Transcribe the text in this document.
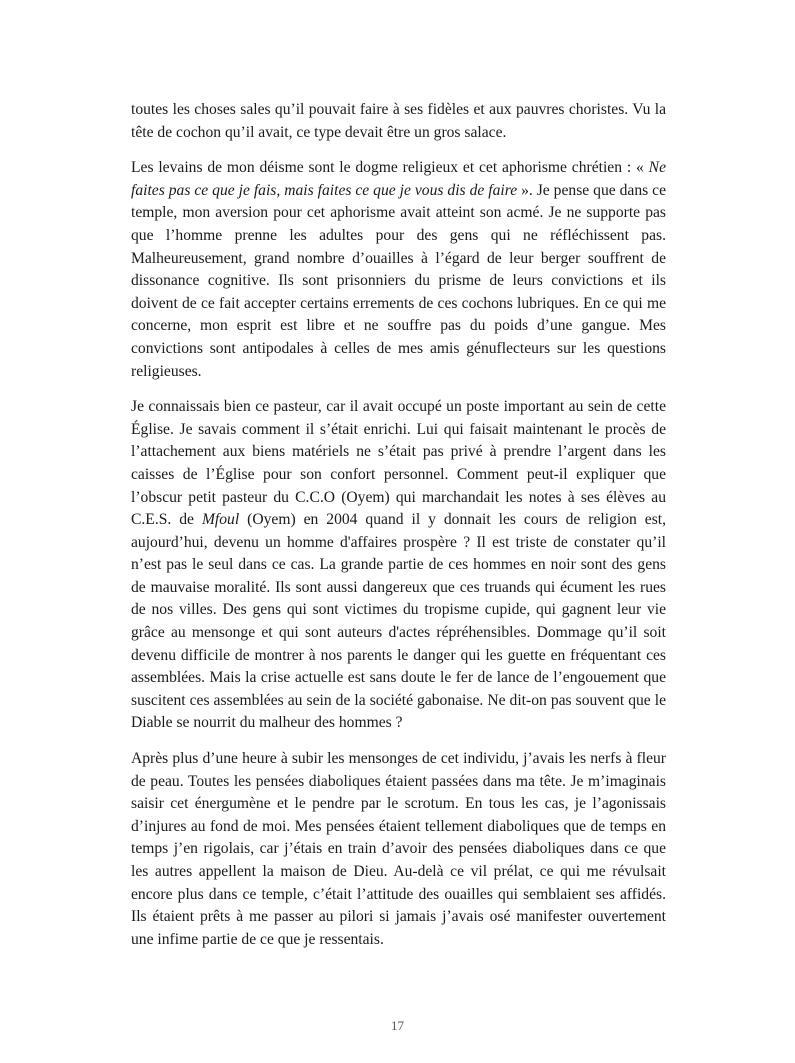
toutes les choses sales qu’il pouvait faire à ses fidèles et aux pauvres choristes. Vu la tête de cochon qu’il avait, ce type devait être un gros salace.

Les levains de mon déisme sont le dogme religieux et cet aphorisme chrétien : « Ne faites pas ce que je fais, mais faites ce que je vous dis de faire ». Je pense que dans ce temple, mon aversion pour cet aphorisme avait atteint son acmé. Je ne supporte pas que l’homme prenne les adultes pour des gens qui ne réfléchissent pas. Malheureusement, grand nombre d’ouailles à l’égard de leur berger souffrent de dissonance cognitive. Ils sont prisonniers du prisme de leurs convictions et ils doivent de ce fait accepter certains errements de ces cochons lubriques. En ce qui me concerne, mon esprit est libre et ne souffre pas du poids d’une gangue. Mes convictions sont antipodales à celles de mes amis génuflecteurs sur les questions religieuses.

Je connaissais bien ce pasteur, car il avait occupé un poste important au sein de cette Église. Je savais comment il s’était enrichi. Lui qui faisait maintenant le procès de l’attachement aux biens matériels ne s’était pas privé à prendre l’argent dans les caisses de l’Église pour son confort personnel. Comment peut-il expliquer que l’obscur petit pasteur du C.C.O (Oyem) qui marchandait les notes à ses élèves au C.E.S. de Mfoul (Oyem) en 2004 quand il y donnait les cours de religion est, aujourd’hui, devenu un homme d'affaires prospère ? Il est triste de constater qu’il n’est pas le seul dans ce cas. La grande partie de ces hommes en noir sont des gens de mauvaise moralité. Ils sont aussi dangereux que ces truands qui écument les rues de nos villes. Des gens qui sont victimes du tropisme cupide, qui gagnent leur vie grâce au mensonge et qui sont auteurs d'actes répréhensibles. Dommage qu’il soit devenu difficile de montrer à nos parents le danger qui les guette en fréquentant ces assemblées. Mais la crise actuelle est sans doute le fer de lance de l’engouement que suscitent ces assemblées au sein de la société gabonaise. Ne dit-on pas souvent que le Diable se nourrit du malheur des hommes ?

Après plus d’une heure à subir les mensonges de cet individu, j’avais les nerfs à fleur de peau. Toutes les pensées diaboliques étaient passées dans ma tête. Je m’imaginais saisir cet énergumène et le pendre par le scrotum. En tous les cas, je l’agonissais d’injures au fond de moi. Mes pensées étaient tellement diaboliques que de temps en temps j’en rigolais, car j’étais en train d’avoir des pensées diaboliques dans ce que les autres appellent la maison de Dieu. Au-delà ce vil prélat, ce qui me révulsait encore plus dans ce temple, c’était l’attitude des ouailles qui semblaient ses affidés. Ils étaient prêts à me passer au pilori si jamais j’avais osé manifester ouvertement une infime partie de ce que je ressentais.

17
